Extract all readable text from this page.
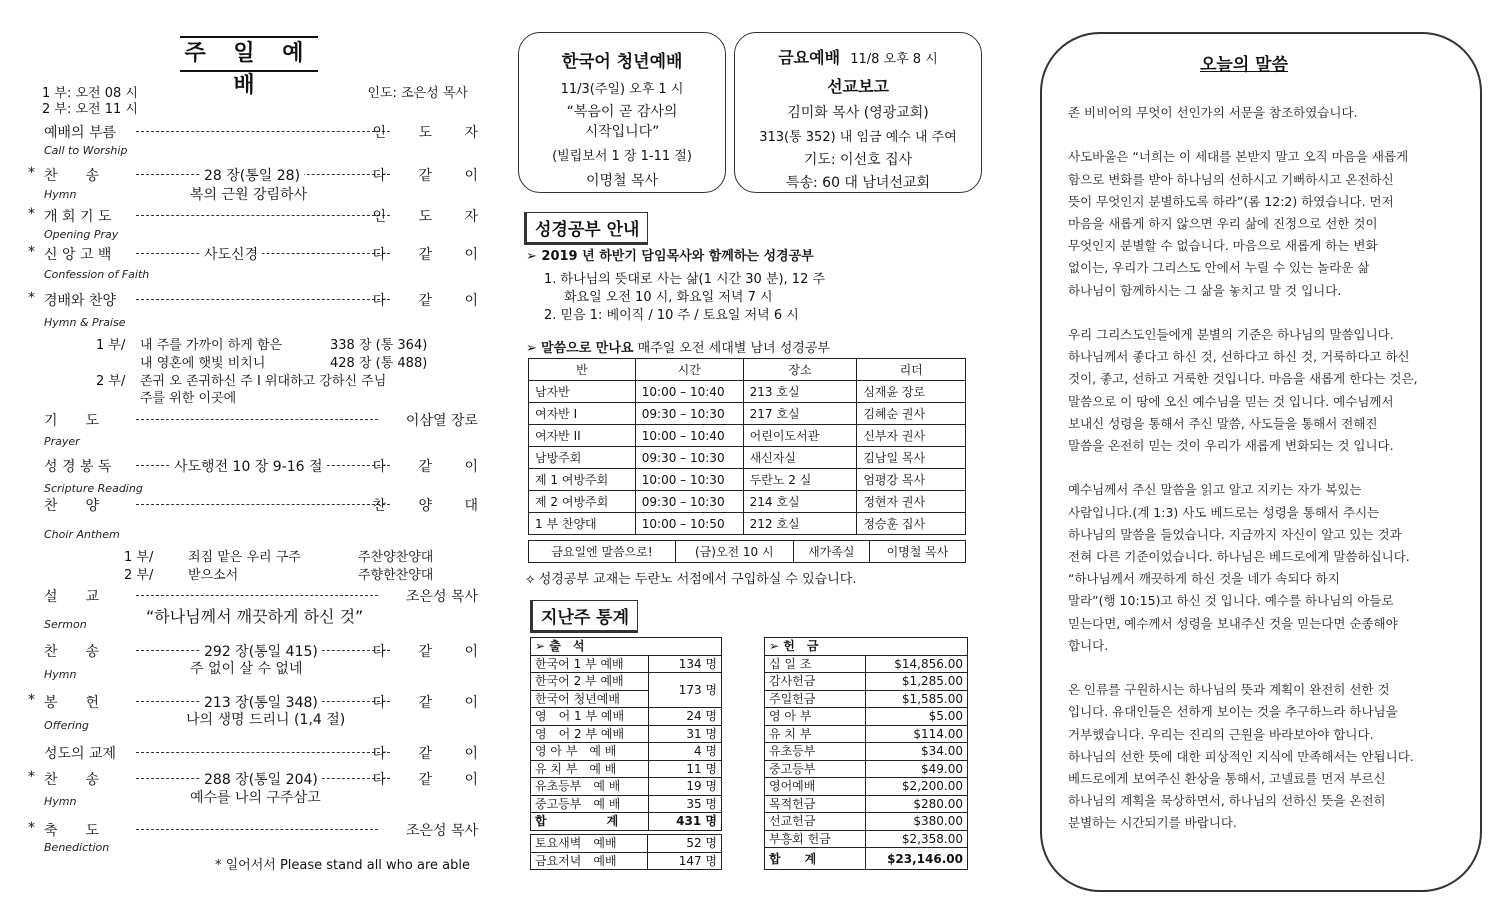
주 일 예 배
1 부: 오전 08 시
2 부: 오전 11 시
인도: 조은성 목사
예배의 부름	인 도 자
Call to Worship
* 찬　　송	28 장(통일 28)	다 같 이
Hymn	복의 근원 강림하사
* 개 회 기 도	인 도 자
Opening Pray
* 신 앙 고 백	사도신경	다 같 이
Confession of Faith
* 경배와 찬양	다 같 이
Hymn & Praise
기　　도	이삼열 장로
Prayer
성 경 봉 독	사도행전 10 장 9-16 절	다 같 이
Scripture Reading
찬　　양	찬 양 대
Choir Anthem
설　　교	조은성 목사
Sermon	“하나님께서 깨끗하게 하신 것”
찬　　송	292 장(통일 415)	다 같 이
Hymn	주 없이 살 수 없네
* 봉　　헌	213 장(통일 348)	다 같 이
Offering	나의 생명 드리니 (1,4 절)
성도의 교제	다 같 이
* 찬　　송	288 장(통일 204)	다 같 이
Hymn	예수를 나의 구주삼고
* 축　　도	조은성 목사
Benediction
1 부/ 내 주를 가까이 하게 함은	338 장 (통 364)
내 영혼에 햇빛 비치니	428 장 (통 488)
2 부/ 존귀 오 존귀하신 주 I 위대하고 강하신 주님
주를 위한 이곳에
1 부/	죄짐 맡은 우리 구주	주찬양찬양대
2 부/	받으소서	주향한찬양대
* 일어서서 Please stand all who are able
한국어 청년예배
11/3(주일) 오후 1 시
“복음이 곧 감사의
시작입니다”
(빌립보서 1 장 1-11 절)
이명철 목사
금요예배 11/8 오후 8 시
선교보고
김미화 목사 (영광교회)
313(통 352) 내 임금 예수 내 주여
기도: 이선호 집사
특송: 60 대 남녀선교회
성경공부 안내
➢ 2019 년 하반기 담임목사와 함께하는 성경공부
1. 하나님의 뜻대로 사는 삶(1 시간 30 분), 12 주
화요일 오전 10 시, 화요일 저녁 7 시
2. 믿음 1: 베이직 / 10 주 / 토요일 저녁 6 시
➢ 말씀으로 만나요 매주일 오전 세대별 남녀 성경공부
반	시간	장소	리더
남자반	10:00 – 10:40	213 호실	심재윤 장로
여자반 I	09:30 – 10:30	217 호실	김혜순 권사
여자반 II	10:00 – 10:40	어린이도서관	신부자 권사
남방주회	09:30 – 10:30	새신자실	김남일 목사
제 1 여방주회	10:00 – 10:30	두란노 2 실	엄평강 목사
제 2 여방주회	09:30 – 10:30	214 호실	정현자 권사
1 부 찬양대	10:00 – 10:50	212 호실	정승훈 집사
금요일엔 말씀으로!	(금)오전 10 시	새가족실	이명철 목사
⟡ 성경공부 교재는 두란노 서점에서 구입하실 수 있습니다.
지난주 통계
➢ 출　석	
한국어 1 부 예배	134 명
한국어 2 부 예배	173 명
한국어 청년예배	
영　어 1 부 예배	24 명
영　어 2 부 예배	31 명
영 아 부　예 배	4 명
유 치 부　예 배	11 명
유초등부　예 배	19 명
중고등부　예 배	35 명
합　　　　　계	431 명
토요새벽　예배	52 명
금요저녁　예배	147 명
➢ 헌　금	
십 일 조	$14,856.00
감사헌금	$1,285.00
주일헌금	$1,585.00
영 아 부	$5.00
유 치 부	$114.00
유초등부	$34.00
중고등부	$49.00
영어예배	$2,200.00
목적헌금	$280.00
선교헌금	$380.00
부흥회 헌금	$2,358.00
합　　계	$23,146.00
오늘의 말씀
존 비비어의 무엇이 선인가의 서문을 참조하였습니다.
사도바울은 “너희는 이 세대를 본받지 말고 오직 마음을 새롭게
함으로 변화를 받아 하나님의 선하시고 기뻐하시고 온전하신
뜻이 무엇인지 분별하도록 하라”(롬 12:2) 하였습니다. 먼저
마음을 새롭게 하지 않으면 우리 삶에 진정으로 선한 것이
무엇인지 분별할 수 없습니다. 마음으로 새롭게 하는 변화
없이는, 우리가 그리스도 안에서 누릴 수 있는 놀라운 삶
하나님이 함께하시는 그 삶을 놓치고 말 것 입니다.
우리 그리스도인들에게 분별의 기준은 하나님의 말씀입니다.
하나님께서 좋다고 하신 것, 선하다고 하신 것, 거룩하다고 하신
것이, 좋고, 선하고 거룩한 것입니다. 마음을 새롭게 한다는 것은,
말씀으로 이 땅에 오신 예수님을 믿는 것 입니다. 예수님께서
보내신 성령을 통해서 주신 말씀, 사도들을 통해서 전해진
말씀을 온전히 믿는 것이 우리가 새롭게 변화되는 것 입니다.
예수님께서 주신 말씀을 읽고 알고 지키는 자가 복있는
사람입니다.(계 1:3) 사도 베드로는 성령을 통해서 주시는
하나님의 말씀을 들었습니다. 지금까지 자신이 알고 있는 것과
전혀 다른 기준이었습니다. 하나님은 베드로에게 말씀하십니다.
“하나님께서 깨끗하게 하신 것을 네가 속되다 하지
말라”(행 10:15)고 하신 것 입니다. 예수를 하나님의 아들로
믿는다면, 예수께서 성령을 보내주신 것을 믿는다면 순종해야
합니다.
온 인류를 구원하시는 하나님의 뜻과 계획이 완전히 선한 것
입니다. 유대인들은 선하게 보이는 것을 추구하느라 하나님을
거부했습니다. 우리는 진리의 근원을 바라보아야 합니다.
하나님의 선한 뜻에 대한 피상적인 지식에 만족해서는 안됩니다.
베드로에게 보여주신 환상을 통해서, 고넬료를 먼저 부르신
하나님의 계획을 묵상하면서, 하나님의 선하신 뜻을 온전히
분별하는 시간되기를 바랍니다.
